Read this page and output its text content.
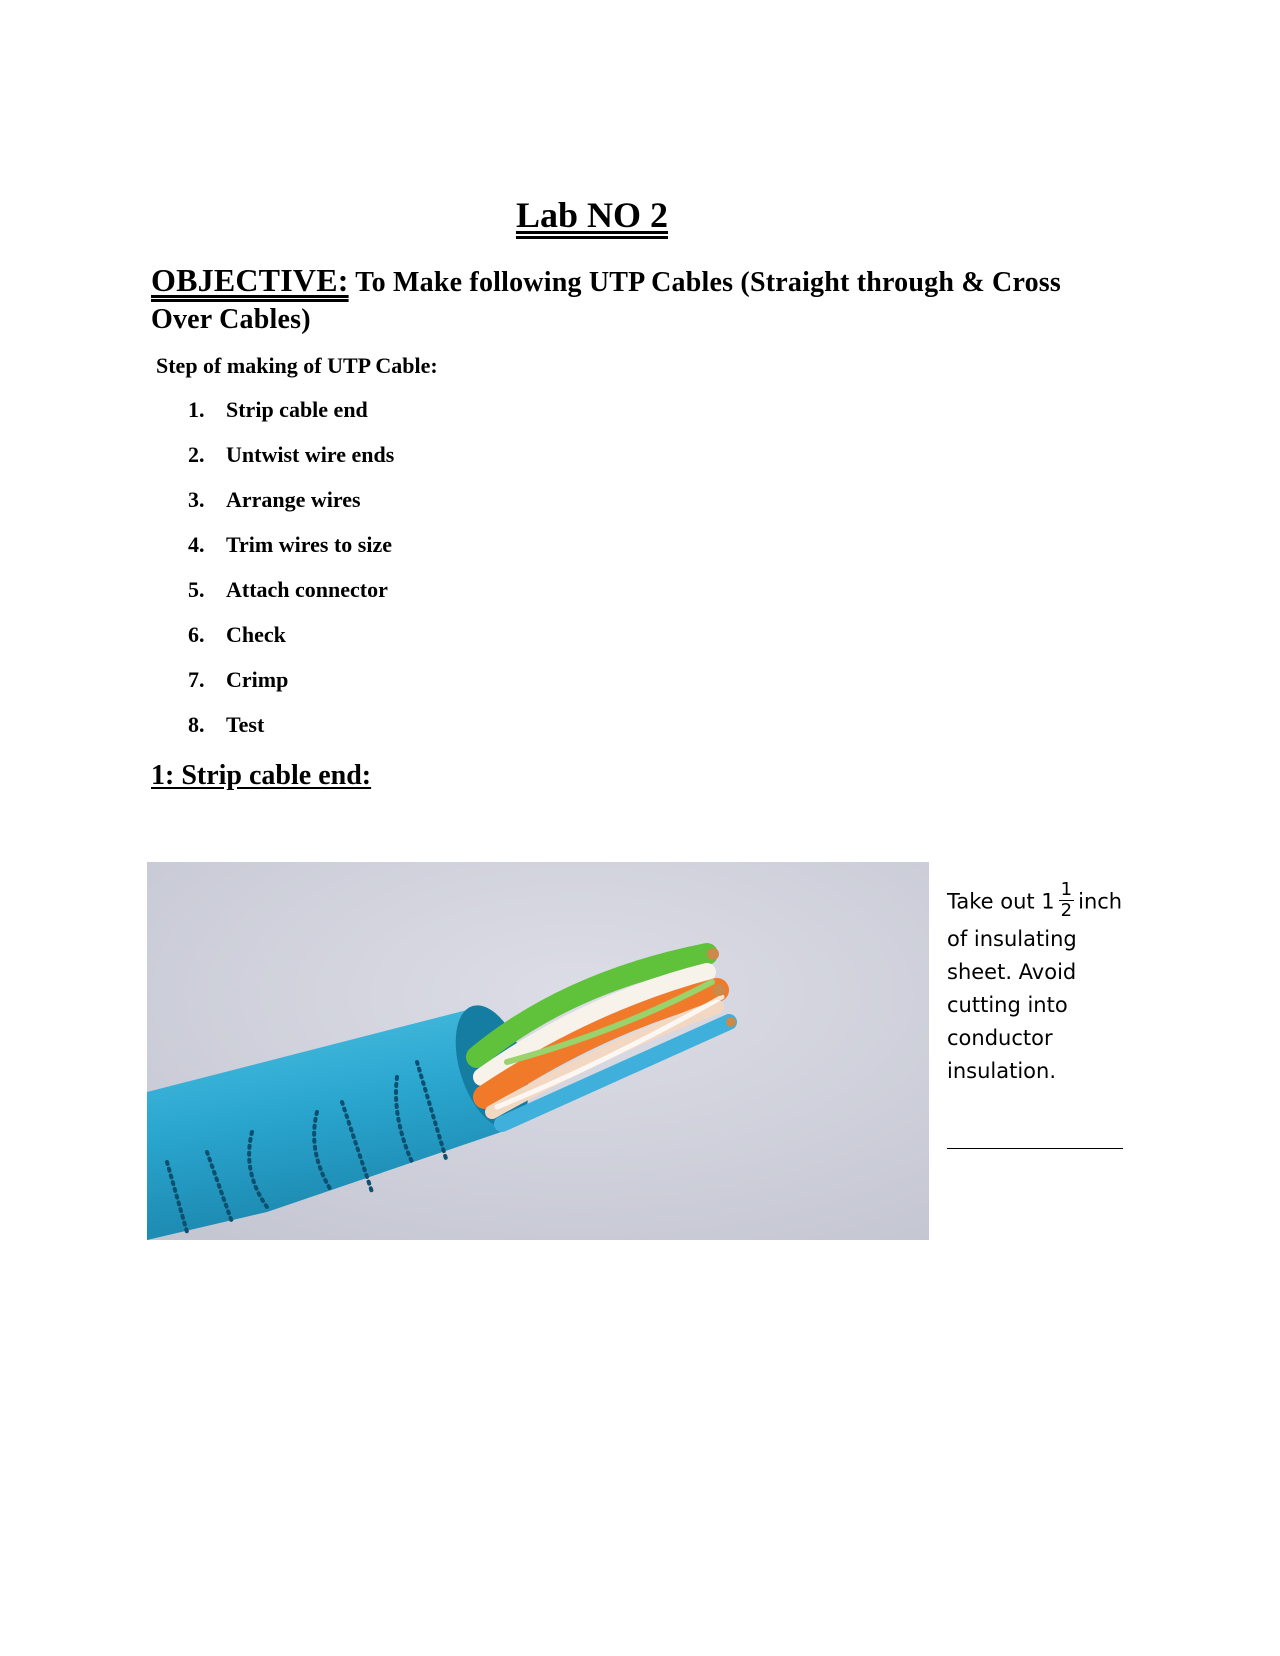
Lab NO 2

OBJECTIVE: To Make following UTP Cables (Straight through & Cross Over Cables)

Step of making of UTP Cable:

1. Strip cable end
2. Untwist wire ends
3. Arrange wires
4. Trim wires to size
5. Attach connector
6. Check
7. Crimp
8. Test
1: Strip cable end:
Take out $1 \frac{1}{2}$ inch
of insulating
sheet. Avoid
cutting into
conductor
insulation.
